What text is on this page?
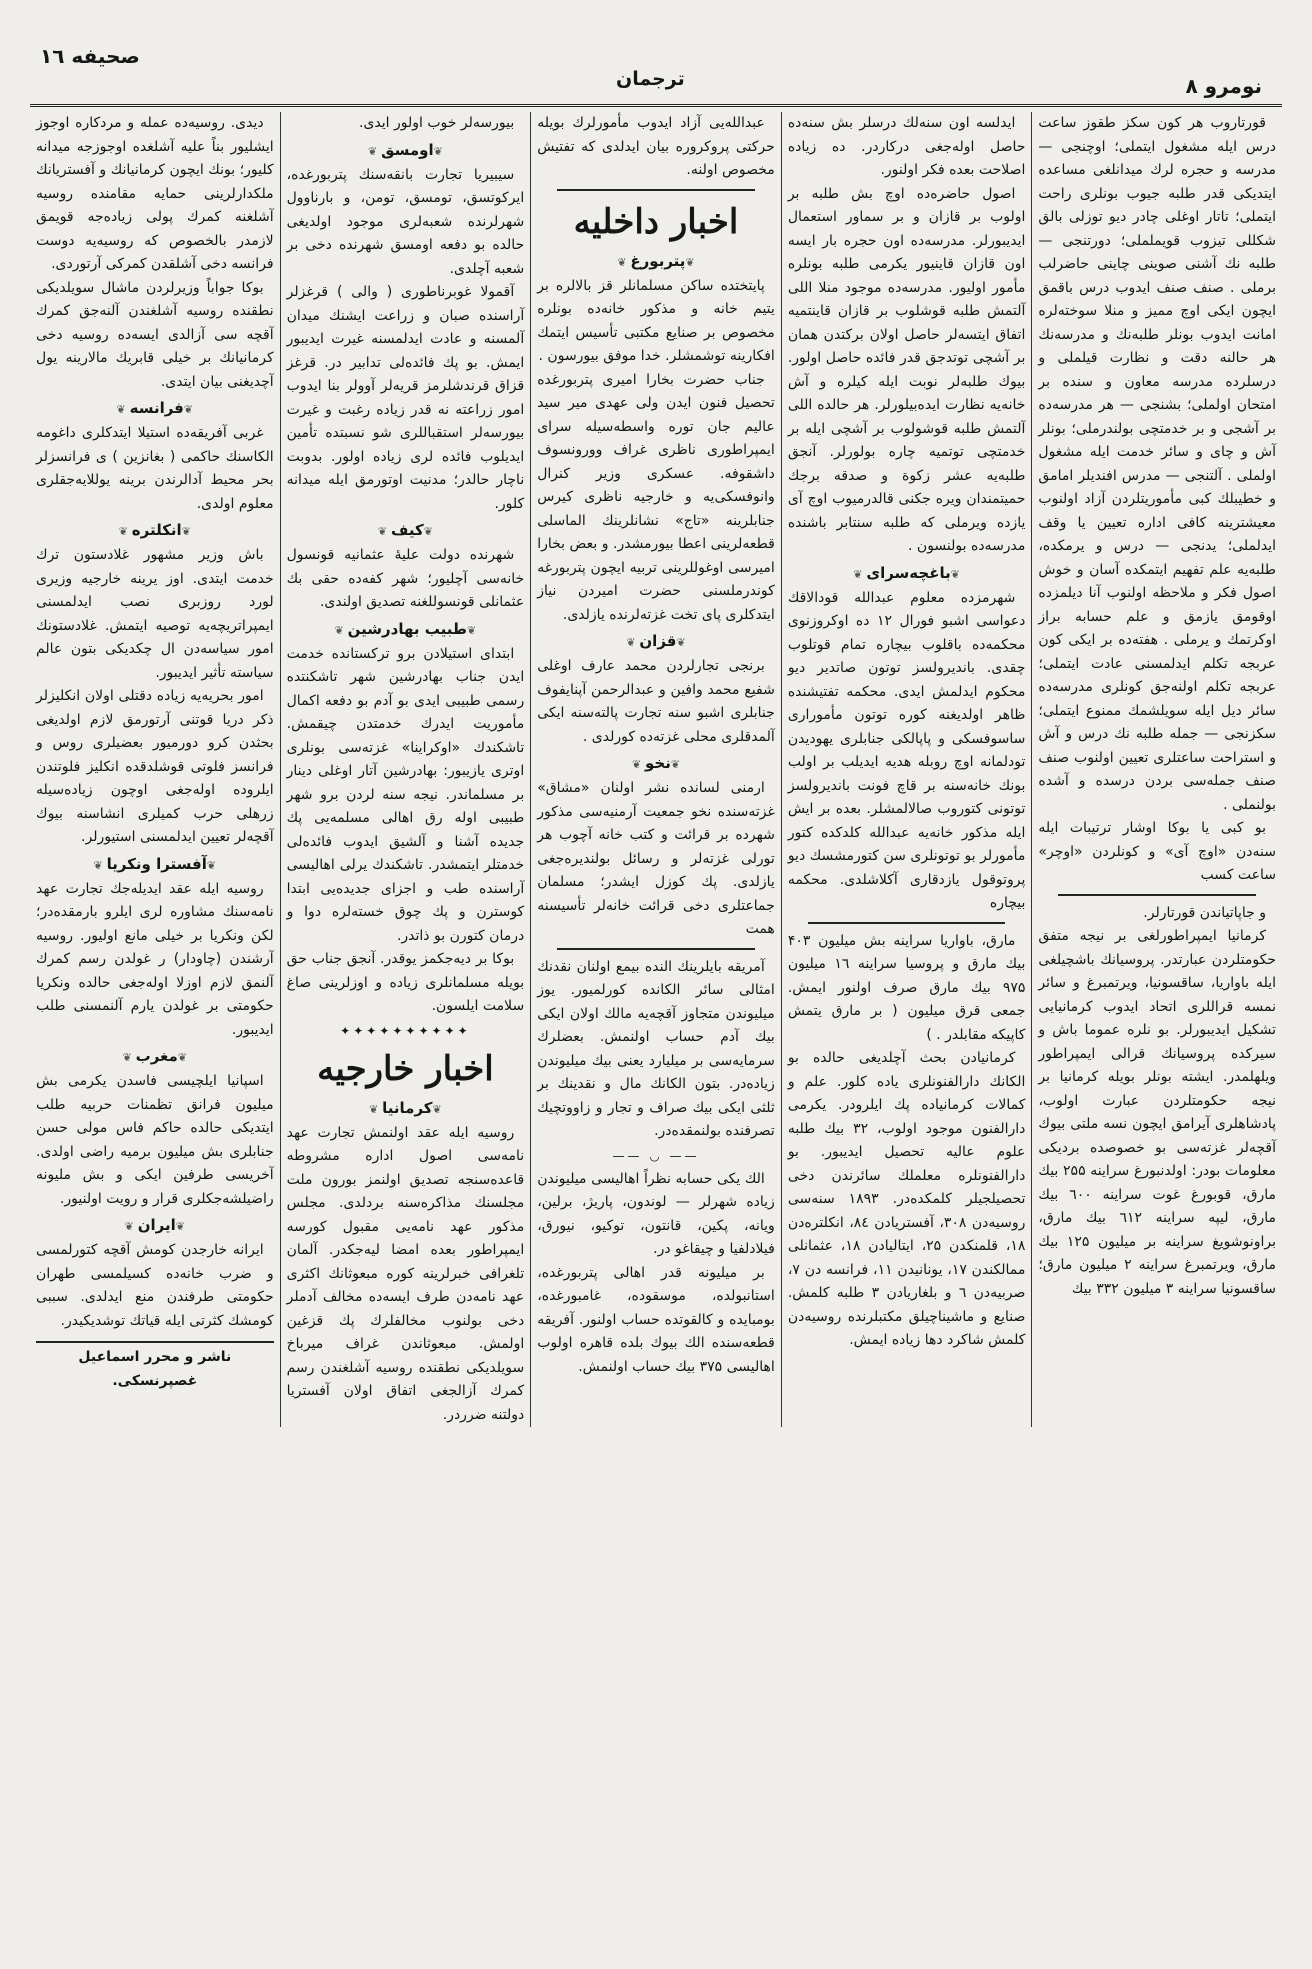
نومرو ۸
ترجمان
صحیفه ۱٦

قورتاروب هر کون سکز طقوز ساعت درس ایله مشغول ایتملی؛ اوچنجی — مدرسه و حجره لرك میدانلغی مساعده ایتدیکی قدر طلبه جیوب بونلری راحت ایتملی؛ تاتار اوغلی چادر دیو توزلی بالق شکللی تیزوب قویململی؛ دورتنجی — طلبه نك آشنی صوینی چاینی حاضرلب برملی . صنف صنف ایدوب درس باقمق ایچون ایکی اوچ ممیز و منلا سوخته‌لره امانت ایدوب بونلر طلبه‌نك و مدرسه‌نك هر حالنه دقت و نظارت قیلملی و درسلرده مدرسه معاون و سنده بر امتحان اولملی؛ بشنجی — هر مدرسه‌ده بر آشجی و بر خدمتچی بولندرملی؛ بونلر آش و چای و سائر خدمت ایله مشغول اولملی . آلتنجی — مدرس افندیلر امامق و خطیبلك کبی مأموریتلردن آزاد اولنوب معیشترینه کافی اداره تعیین یا وقف ایدلملی؛ یدنجی — درس و یرمکده، طلبه‌یه علم تفهیم ایتمکده آسان و خوش اصول فکر و ملاحظه اولنوب آنا دیلمزده اوقومق یازمق و علم حسابه براز اوکرتمك و یرملی . هفته‌ده بر ایکی کون عربجه تکلم ایدلمسنی عادت ایتملی؛ عربجه تکلم اولنه‌جق کونلری مدرسه‌ده سائر دیل ایله سویلشمك ممنوع ایتملی؛ سکزنجی — جمله طلبه نك درس و آش و استراحت ساعتلری تعیین اولنوب صنف صنف جمله‌سی بردن درسده و آشده بولنملی .

بو کبی یا بوکا اوشار ترتیبات ایله سنه‌دن «اوچ آی» و کونلردن «اوچر» ساعت کسب

و جاپاتیاندن قورتارلر.

کرمانیا ایمپراطورلغی بر نیجه متفق حکومتلردن عبارتدر. پروسیانك باشچیلغی ایله باواریا، ساقسونیا، ویرتمبرغ و سائر نمسه قراللری اتحاد ایدوب کرمانیایی تشکیل ایدیبورلر. بو نلره عموما باش و سیرکده پروسیانك قرالی ایمپراطور ویلهلمدر. ایشته بونلر بویله کرمانیا بر نیجه حکومتلردن عبارت اولوب، پادشاهلری آیرامق ایچون نسه ملتی بیوك آقچه‌لر غزته‌سی بو خصوصده بردیکی معلومات بودر: اولدنبورغ سراینه ۲۵۵ بیك مارق، قوبورغ غوت سراینه ٦۰۰ بیك مارق، لیپه سراینه ٦۱۲ بیك مارق، براونوشویغ سراینه بر میلیون ۱۲۵ بیك مارق، ویرتمبرغ سراینه ۲ میلیون مارق؛ ساقسونیا سراینه ۳ میلیون ۳۳۲ بیك

ایدلسه اون سنه‌لك درسلر بش سنه‌ده حاصل اوله‌جغی درکاردر. ده زیاده اصلاحت بعده فکر اولنور.

اصول حاضره‌ده اوچ بش طلبه بر اولوب بر قازان و بر سماور استعمال ایدیبورلر. مدرسه‌ده اون حجره بار ایسه اون قازان قاینیور یکرمی طلبه بونلره مأمور اولیور. مدرسه‌ده موجود منلا اللی آلتمش طلبه قوشلوب بر قازان قاینتمیه اتفاق ایتسه‌لر حاصل اولان برکتدن همان بر آشچی توتدجق قدر فائده حاصل اولور. بیوك طلبه‌لر نوبت ایله کیلره و آش خانه‌یه نظارت ایده‌بیلورلر. هر حالده اللی آلتمش طلبه قوشولوب بر آشچی ایله بر خدمتچی توتمیه چاره بولورلر. آنجق طلبه‌یه عشر زکوة و صدقه برجك حمیتمندان ویره جکنی قالدرمیوب اوچ آی یازده ویرملی که طلبه سنتابر باشنده مدرسه‌ده بولنسون .

❦ باغچه‌سرای ❦

شهرمزده معلوم عبدالله قودالاقك دعواسی اشبو فورال ۱۲ ده اوکروزنوی محکمه‌ده باقلوب بیچاره تمام قوتلوب چقدی. باندیرولسز توتون صاتدیر دیو محکوم ایدلمش ایدی. محکمه تفتیشنده ظاهر اولدیغنه کوره توتون مأموراری ساسوفسکی و پاپالکی جنابلری یهودیدن تودلمانه اوچ روبله هدیه ایدیلب بر اولب بونك خانه‌سنه بر قاچ فونت باندیرولسز توتونی کتوروب صالالمشلر. بعده بر ایش ایله مذکور خانه‌یه عبدالله کلدکده کتور مأمورلر بو توتونلری سن کتورمشسك دیو پروتوقول یازدقاری آکلاشلدی. محکمه بیچاره

مارق، باواریا سراینه بش میلیون ۴۰۳ بیك مارق و پروسیا سراینه ۱٦ میلیون ۹۷۵ بیك مارق صرف اولنور ایمش. جمعی قرق میلیون ( بر مارق یتمش کاپیکه مقابلدر . )

کرمانیادن بحث آچلدیغی حالده بو الکانك دارالفنونلری یاده کلور. علم و کمالات کرمانیاده پك ایلرودر. یکرمی دارالفنون موجود اولوب، ۳۲ بیك طلبه علوم عالیه تحصیل ایدیبور. بو دارالفنونلره معلملك سائرندن دخی تحصیلجیلر کلمکده‌در. ۱۸۹۳ سنه‌سی روسیه‌دن ۳۰۸، آفستریادن ۸٤، انکلتره‌دن ۱۸، قلمنکدن ۲۵، ایتالیادن ۱۸، عثمانلی ممالکندن ۱۷، یونانیدن ۱۱، فرانسه دن ۷، صربیه‌دن ٦ و بلغاریادن ۳ طلبه کلمش. صنایع و ماشیناچیلق مکتبلرنده روسیه‌دن کلمش شاکرد دها زیاده ایمش.

عبدالله‌یی آزاد ایدوب مأمورلرك بویله حرکتی پروکروره بیان ایدلدی که تفتیش مخصوص اولنه.

اخبار داخلیه
❦ پتربورغ ❦

پایتختده ساکن مسلمانلر قز بالالره بر یتیم خانه و مذکور خانه‌ده بونلره مخصوص بر صنایع مکتبی تأسیس ایتمك افکارینه توشمشلر. خدا موفق بیورسون .

جناب حضرت بخارا امیری پتربورغده تحصیل فنون ایدن ولی عهدی میر سید عالیم جان توره واسطه‌سیله سرای ایمپراطوری ناظری غراف وورونسوف داشقوفه. عسکری وزیر کنرال وانوفسکی‌یه و خارجیه ناظری کیرس جنابلرینه «تاج» نشانلرینك الماسلی قطعه‌لرینی اعطا بیورمشدر. و بعض بخارا امیرسی اوغوللرینی تربیه ایچون پتربورغه کوندرملسنی حضرت امیردن نیاز ایتدکلری پای تخت غزته‌لرنده یازلدی.

❦ قزان ❦

برنجی تجارلردن محمد عارف اوغلی شفیع محمد وافین و عبدالرحمن آپنایفوف جنابلری اشبو سنه تجارت پالته‌سنه ایکی آلمدقلری محلی غزته‌ده کورلدی .

❦ نخو ❦

ارمنی لسانده نشر اولنان «مشاق» غزته‌سنده نخو جمعیت آرمنیه‌سی مذکور شهرده بر قرائت و کتب خانه آچوب هر تورلی غزته‌لر و رسائل بولندیره‌جغی یازلدی. پك کوزل ایشدر؛ مسلمان جماعتلری دخی قرائت خانه‌لر تأسیسنه همت

آمریقه بایلرینك النده بیمع اولنان نقدنك امثالی سائر الکانده کورلمیور. یوز میلیوندن متجاوز آقچه‌یه مالك اولان ایکی بیك آدم حساب اولنمش. بعضلرك سرمایه‌سی بر میلیارد یعنی بیك میلیوندن زیاده‌در. بتون الکانك مال و نقدینك بر ثلثی ایکی بیك صراف و تجار و زاووتچیك تصرفنده بولنمقده‌در.

—— ◡ ——

الك یکی حسابه نظراً اهالیسی میلیوندن زیاده شهرلر — لوندون، پاریژ، برلین، ویانه، پکین، قانتون، توکیو، نیورق، فیلادلفیا و چیقاغو در.

بر میلیونه قدر اهالی پتربورغده، استانبولده، موسقوده، غامبورغده، بومبایده و کالقوتده حساب اولنور. آفریقه قطعه‌سنده الك بیوك بلده قاهره اولوب اهالیسی ۳۷۵ بیك حساب اولنمش.

بیورسه‌لر خوب اولور ایدی.

❦ اومسق ❦

سیبیریا تجارت بانقه‌سنك پتربورغده، ایرکوتسق، تومسق، تومن، و بارناوول شهرلرنده شعبه‌لری موجود اولدیغی حالده بو دفعه اومسق شهرنده دخی بر شعبه آچلدی.

آقمولا غوبرناطوری ( والی ) قرغزلر آراسنده صبان و زراعت ایشنك میدان آلمسنه و عادت ایدلمسنه غیرت ایدیبور ایمش. بو پك فائده‌لی تدابیر در. قرغز قزاق قرندشلرمز قریه‌لر آوولر بنا ایدوب امور زراعته نه قدر زیاده رغبت و غیرت بیورسه‌لر استقباللری شو نسبتده تأمین ایدیلوب فائده لری زیاده اولور. بدوبت ناچار حالدر؛ مدنیت اوتورمق ایله میدانه کلور.

❦ کیف ❦

شهرنده دولت علیهٔ عثمانیه قونسول خانه‌سی آچلیور؛ شهر کفه‌ده حقی بك عثمانلی قونسوللغنه تصدیق اولندی.

❦ طبیب بهادرشین ❦

ابتدای استیلادن برو ترکستانده خدمت ایدن جناب بهادرشین شهر تاشکنتده رسمی طبیبی ایدی بو آدم بو دفعه اکمال مأموریت ایدرك خدمتدن چیقمش. تاشکندك «اوکراینا» غزته‌سی بونلری اوتری یازیبور: بهادرشین آتار اوغلی دینار بر مسلماندر. نیجه سنه لردن برو شهر طبیبی اوله رق اهالی مسلمه‌یی پك جدیده آشنا و آلشیق ایدوب فائده‌لی خدمتلر ایتمشدر. تاشکندك یرلی اهالیسی آراسنده طب و اجزای جدیده‌یی ابتدا کوسترن و پك چوق خسته‌لره دوا و درمان کتورن بو ذاتدر.

بوکا بر دیه‌جکمز یوقدر. آنجق جناب حق بویله مسلمانلری زیاده و اوزلرینی صاغ سلامت ایلسون.

✦✦✦✦✦✦✦✦✦✦
اخبار خارجیه
❦ کرمانیا ❦

روسیه ایله عقد اولنمش تجارت عهد نامه‌سی اصول اداره مشروطه قاعده‌سنجه تصدیق اولنمز بورون ملت مجلسنك مذاکره‌سنه بردلدی. مجلس مذکور عهد نامه‌یی مقبول کورسه ایمپراطور بعده امضا لیه‌جکدر. آلمان تلغرافی خبرلرینه کوره مبعوثانك اکثری عهد نامه‌دن طرف ایسه‌ده مخالف آدملر دخی بولنوب مخالفلرك پك قزغین اولمش. مبعوثاندن غراف میرباخ سویلدیکی نطقنده روسیه آشلغندن رسم کمرك آزالجغی اتفاق اولان آفستریا دولتنه ضرردر.

دیدی. روسیه‌ده عمله و مردکاره اوجوز ایشلیور بناً علیه آشلغده اوجوزجه میدانه کلیور؛ بونك ایچون کرمانیانك و آفستریانك ملکدارلرینی حمایه مقامنده روسیه آشلغنه کمرك پولی زیاده‌جه قویمق لازمدر بالخصوص که روسیه‌یه دوست فرانسه دخی آشلقدن کمرکی آرتوردی.

بوکا جواباً وزیرلردن ماشال سویلدیکی نطقنده روسیه آشلغندن آلنه‌جق کمرك آقچه سی آزالدی ایسه‌ده روسیه دخی کرمانیانك بر خیلی قابریك مالارینه یول آچدیغنی بیان ایتدی.

❦ فرانسه ❦

غربی آفریقه‌ده استیلا ایتدکلری داغومه الکاسنك حاکمی ( بغانزین ) ی فرانسزلر بحر محیط آدالرندن برینه یوللایه‌جقلری معلوم اولدی.

❦ انکلتره ❦

باش وزیر مشهور غلادستون ترك خدمت ایتدی. اوز یرینه خارجیه وزیری لورد روزبری نصب ایدلمسنی ایمپراتریچه‌یه توصیه ایتمش. غلادستونك امور سیاسه‌دن ال چکدیکی بتون عالم سیاسته تأثیر ایدیبور.

امور بحریه‌یه زیاده دقتلی اولان انکلیزلر ذکر دریا قوتنی آرتورمق لازم اولدیغی بحثدن کرو دورمیور بعضیلری روس و فرانسز فلوتی قوشلدقده انکلیز فلوتندن ایلروده اوله‌جغی اوچون زیاده‌سیله زرهلی حرب کمیلری انشاسنه بیوك آقچه‌لر تعیین ایدلمسنی استیورلر.

❦ آفسترا ونکریا ❦

روسیه ایله عقد ایدیله‌جك تجارت عهد نامه‌سنك مشاوره لری ایلرو بارمقده‌در؛ لکن ونکریا بر خیلی مانع اولیور. روسیه آرشندن (چاودار) ر غولدن رسم کمرك آلنمق لازم اوزلا اوله‌جغی حالده ونکریا حکومتی بر غولدن یارم آلنمسنی طلب ایدیبور.

❦ مغرب ❦

اسپانیا ایلچیسی فاسدن یکرمی بش میلیون فرانق تظمنات حربیه طلب ایتدیکی حالده حاکم فاس مولی حسن جنابلری بش میلیون برمیه راضی اولدی. آخریسی طرفین ایکی و بش ملیونه راضیلشه‌جکلری قرار و رویت اولنیور.

❦ ایران ❦

ایرانه خارجدن کومش آقچه کتورلمسی و ضرب خانه‌ده کسیلمسی طهران حکومتی طرفندن منع ایدلدی. سببی کومشك کثرتی ایله قیاتك توشدیکیدر.

ناشر و محرر اسماعیل غصپرنسکی.
